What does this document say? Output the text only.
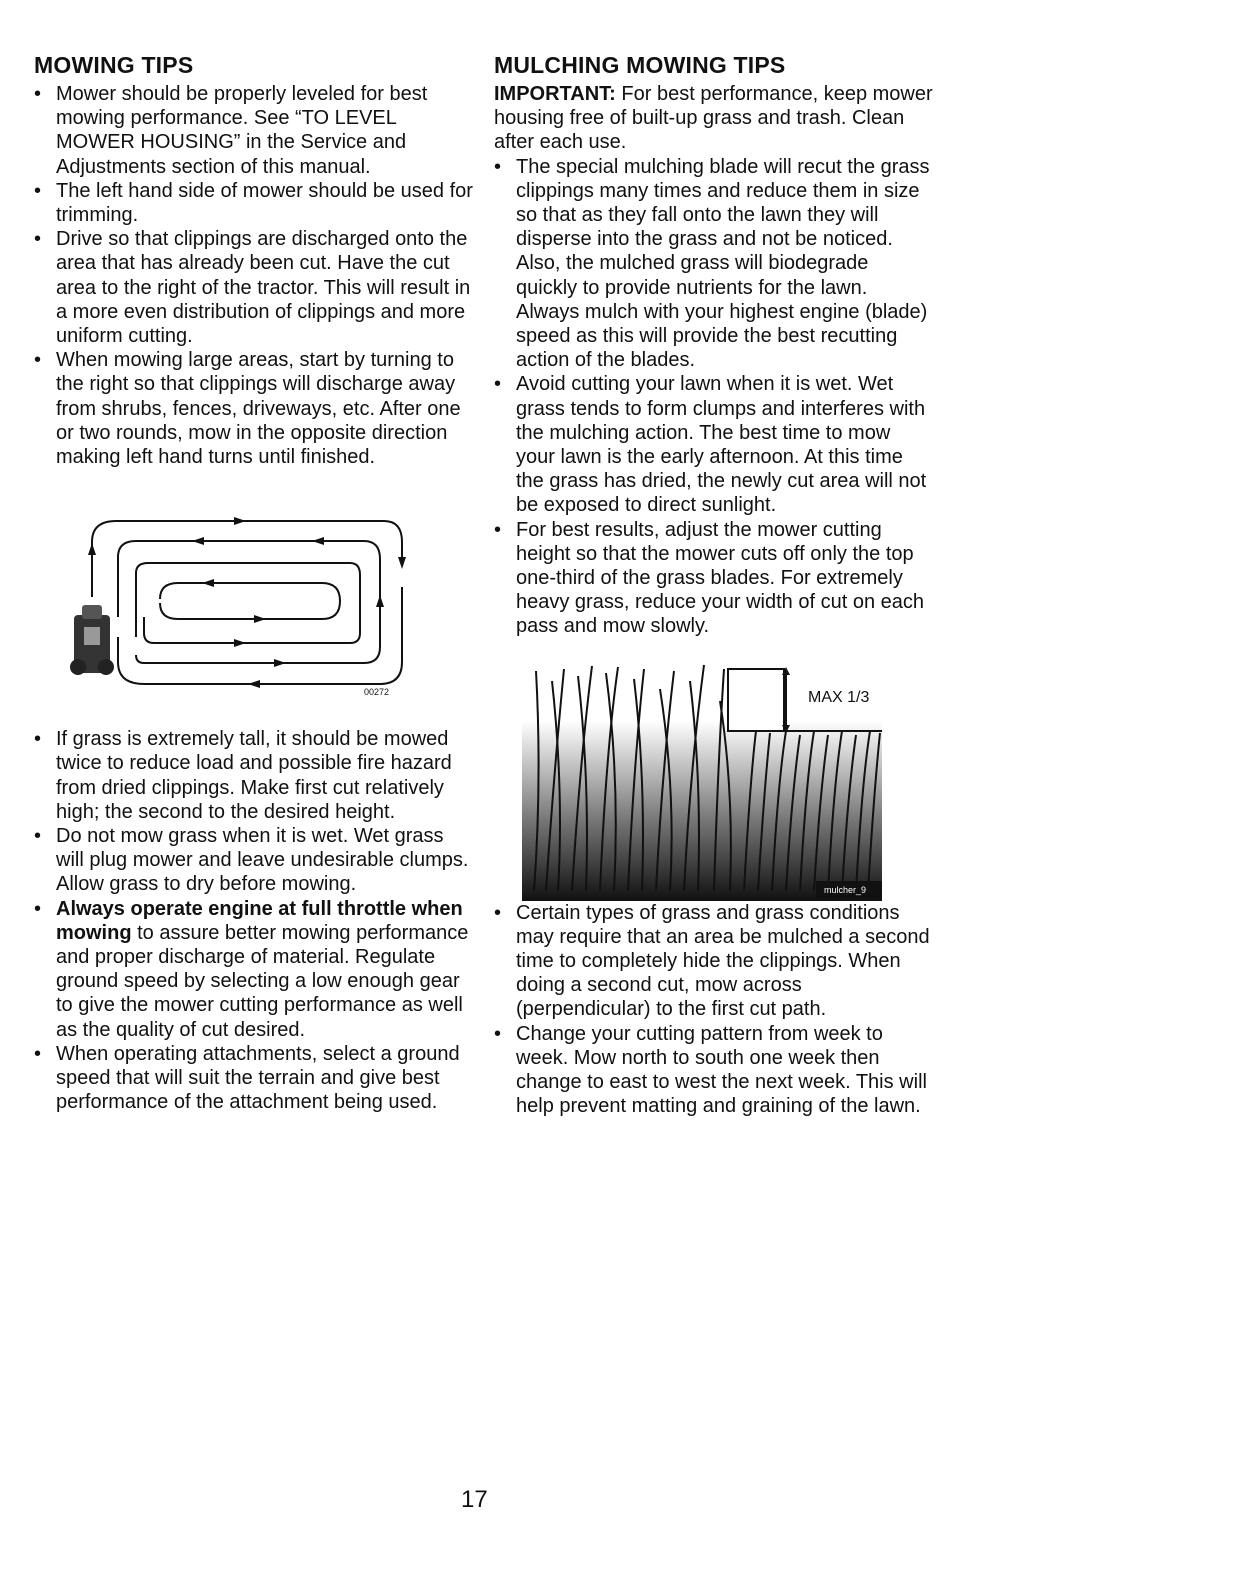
MOWING TIPS
• Mower should be properly leveled for best mowing performance. See “TO LEVEL MOWER HOUSING” in the Service and Adjustments section of this manual.
• The left hand side of mower should be used for trimming.
• Drive so that clippings are discharged onto the area that has already been cut. Have the cut area to the right of the tractor. This will result in a more even distribution of clippings and more uniform cutting.
• When mowing large areas, start by turning to the right so that clippings will discharge away from shrubs, fences, driveways, etc. After one or two rounds, mow in the opposite direction making left hand turns until finished.
00272
• If grass is extremely tall, it should be mowed twice to reduce load and possible fire hazard from dried clippings. Make first cut relatively high; the second to the desired height.
• Do not mow grass when it is wet. Wet grass will plug mower and leave undesirable clumps. Allow grass to dry before mowing.
• Always operate engine at full throttle when mowing to assure better mowing performance and proper discharge of material. Regulate ground speed by selecting a low enough gear to give the mower cutting performance as well as the quality of cut desired.
• When operating attachments, select a ground speed that will suit the terrain and give best performance of the attachment being used.
MULCHING MOWING TIPS

IMPORTANT: For best performance, keep mower housing free of built-up grass and trash. Clean after each use.

• The special mulching blade will recut the grass clippings many times and reduce them in size so that as they fall onto the lawn they will disperse into the grass and not be noticed. Also, the mulched grass will biodegrade quickly to provide nutrients for the lawn. Always mulch with your highest engine (blade) speed as this will provide the best recutting action of the blades.
• Avoid cutting your lawn when it is wet. Wet grass tends to form clumps and interferes with the mulching action. The best time to mow your lawn is the early afternoon. At this time the grass has dried, the newly cut area will not be exposed to direct sunlight.
• For best results, adjust the mower cutting height so that the mower cuts off only the top one-third of the grass blades. For extremely heavy grass, reduce your width of cut on each pass and mow slowly.
MAX 1/3
mulcher_9
• Certain types of grass and grass conditions may require that an area be mulched a second time to completely hide the clippings. When doing a second cut, mow across (perpendicular) to the first cut path.
• Change your cutting pattern from week to week. Mow north to south one week then change to east to west the next week. This will help prevent matting and graining of the lawn.
17
